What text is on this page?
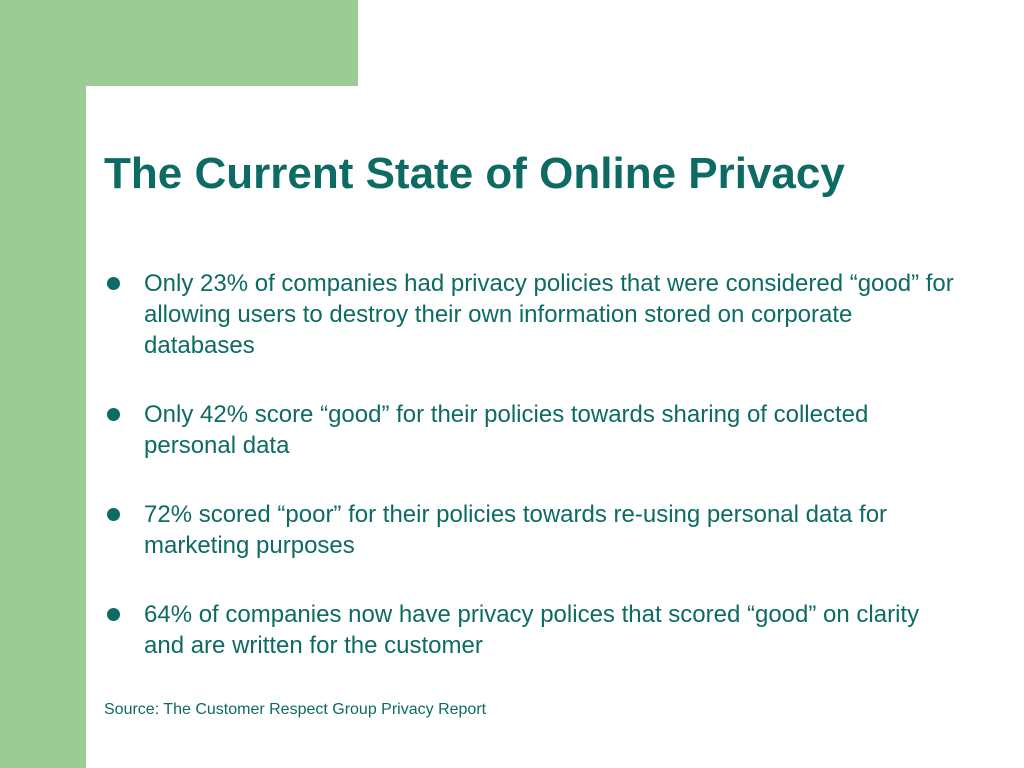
The Current State of Online Privacy
Only 23% of companies had privacy policies that were considered “good” for allowing users to destroy their own information stored on corporate databases
Only 42% score “good” for their policies towards sharing of collected personal data
72% scored “poor” for their policies towards re-using personal data for marketing purposes
64% of companies now have privacy polices that scored “good” on clarity and are written for the customer

Source: The Customer Respect Group Privacy Report
